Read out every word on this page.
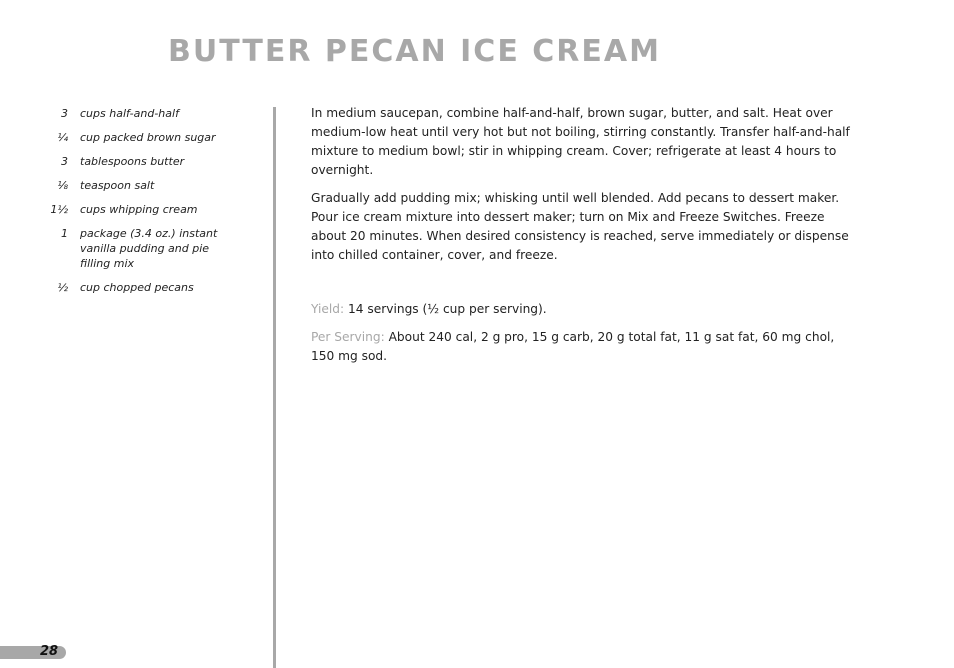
BUTTER PECAN ICE CREAM
3 cups half-and-half
¼ cup packed brown sugar
3 tablespoons butter
⅛ teaspoon salt
1½ cups whipping cream
1 package (3.4 oz.) instant vanilla pudding and pie filling mix
½ cup chopped pecans

In medium saucepan, combine half-and-half, brown sugar, butter, and salt. Heat over medium-low heat until very hot but not boiling, stirring constantly. Transfer half-and-half mixture to medium bowl; stir in whipping cream. Cover; refrigerate at least 4 hours to overnight.

Gradually add pudding mix; whisking until well blended. Add pecans to dessert maker. Pour ice cream mixture into dessert maker; turn on Mix and Freeze Switches. Freeze about 20 minutes. When desired consistency is reached, serve immediately or dispense into chilled container, cover, and freeze.

Yield: 14 servings (½ cup per serving).

Per Serving: About 240 cal, 2 g pro, 15 g carb, 20 g total fat, 11 g sat fat, 60 mg chol, 150 mg sod.

28
